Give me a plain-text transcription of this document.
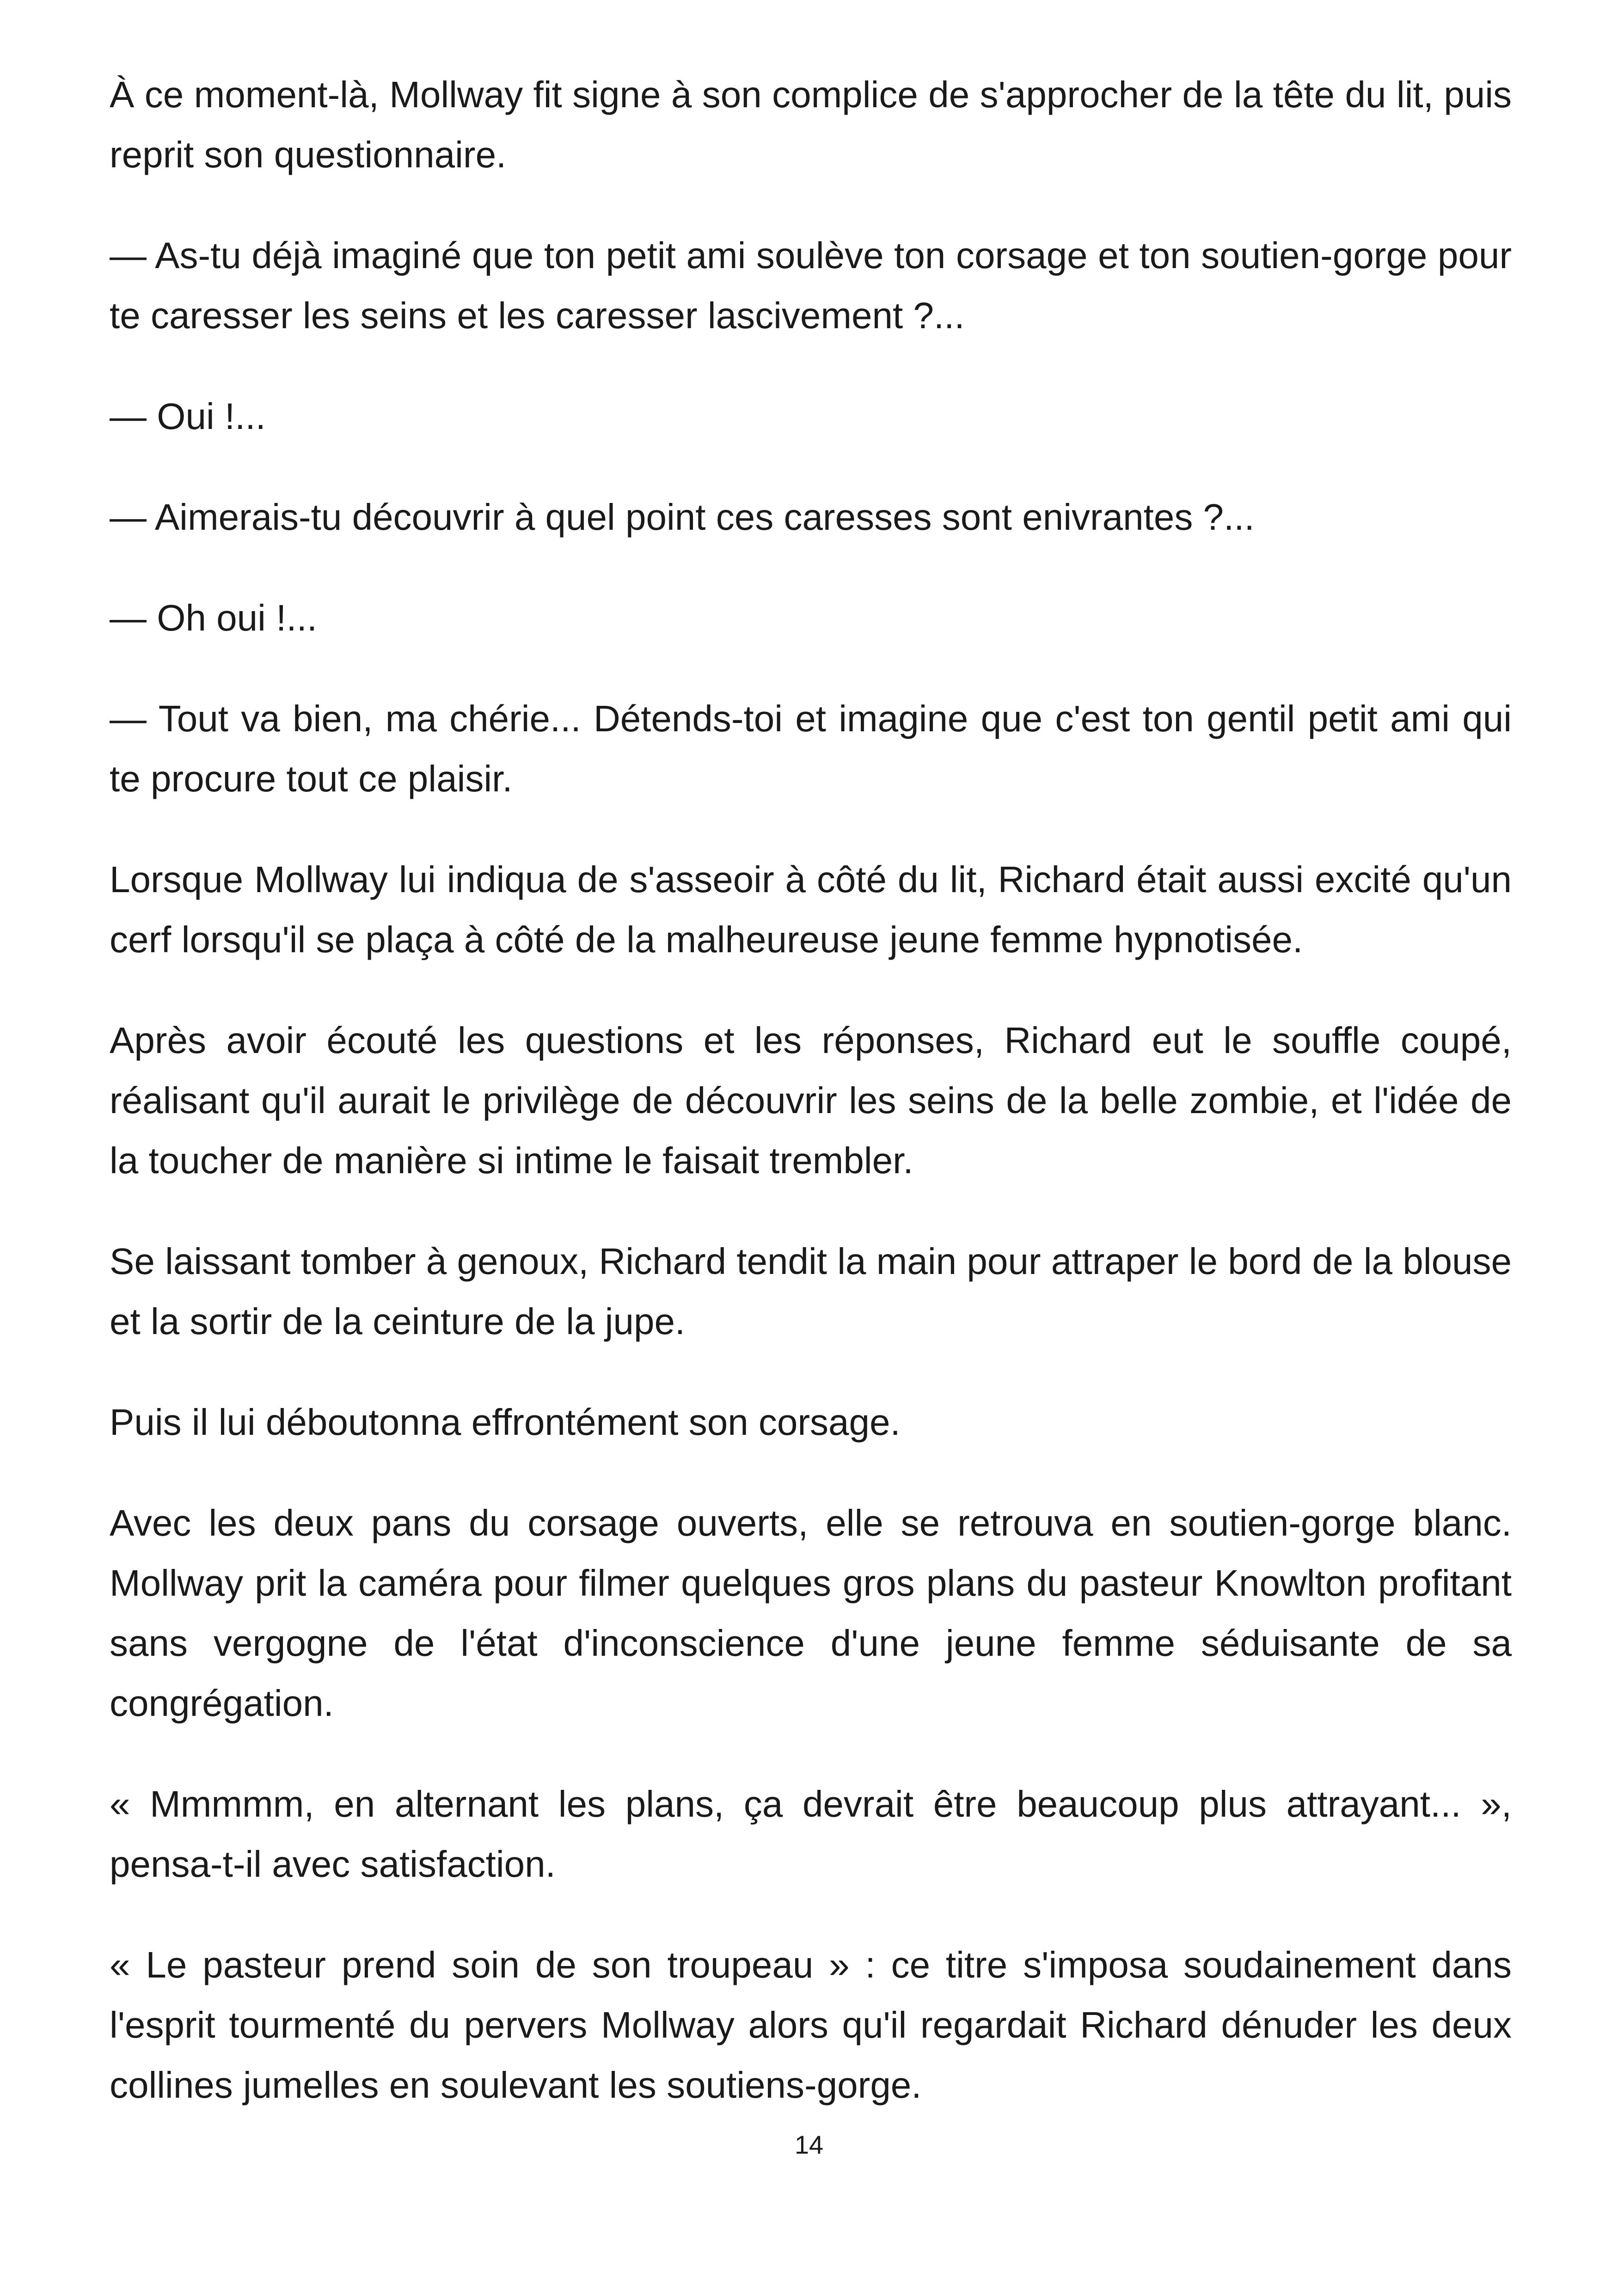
À ce moment-là, Mollway fit signe à son complice de s'approcher de la tête du lit, puis reprit son questionnaire.

— As-tu déjà imaginé que ton petit ami soulève ton corsage et ton soutien-gorge pour te caresser les seins et les caresser lascivement ?...

— Oui !...

— Aimerais-tu découvrir à quel point ces caresses sont enivrantes ?...

— Oh oui !...

— Tout va bien, ma chérie... Détends-toi et imagine que c'est ton gentil petit ami qui te procure tout ce plaisir.

Lorsque Mollway lui indiqua de s'asseoir à côté du lit, Richard était aussi excité qu'un cerf lorsqu'il se plaça à côté de la malheureuse jeune femme hypnotisée.

Après avoir écouté les questions et les réponses, Richard eut le souffle coupé, réalisant qu'il aurait le privilège de découvrir les seins de la belle zombie, et l'idée de la toucher de manière si intime le faisait trembler.

Se laissant tomber à genoux, Richard tendit la main pour attraper le bord de la blouse et la sortir de la ceinture de la jupe.

Puis il lui déboutonna effrontément son corsage.

Avec les deux pans du corsage ouverts, elle se retrouva en soutien-gorge blanc. Mollway prit la caméra pour filmer quelques gros plans du pasteur Knowlton profitant sans vergogne de l'état d'inconscience d'une jeune femme séduisante de sa congrégation.

« Mmmmm, en alternant les plans, ça devrait être beaucoup plus attrayant... », pensa-t-il avec satisfaction.

« Le pasteur prend soin de son troupeau » : ce titre s'imposa soudainement dans l'esprit tourmenté du pervers Mollway alors qu'il regardait Richard dénuder les deux collines jumelles en soulevant les soutiens-gorge.

14
